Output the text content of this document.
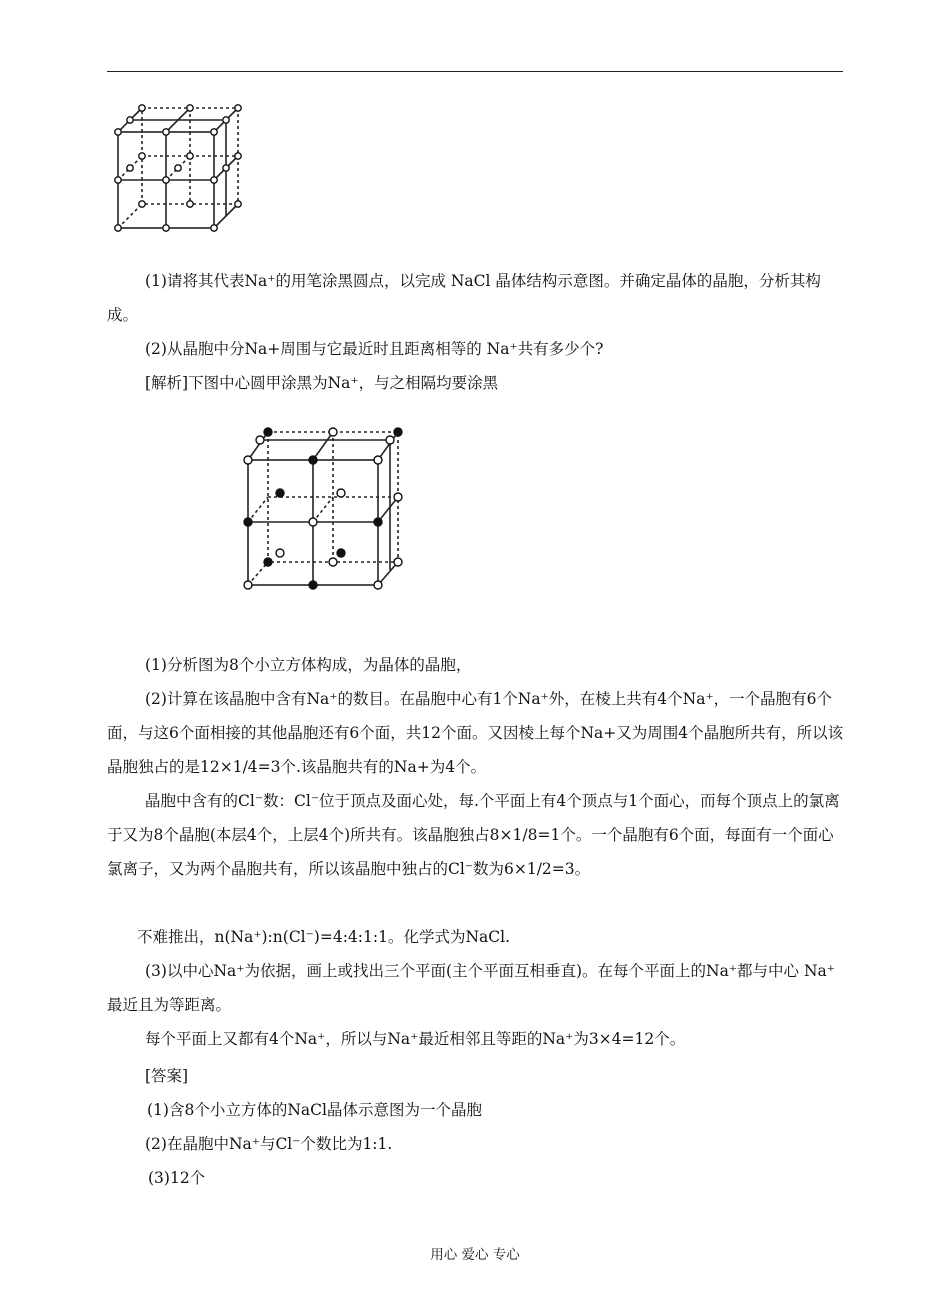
(1)请将其代表Na⁺的用笔涂黑圆点，以完成 NaCl 晶体结构示意图。并确定晶体的晶胞，分析其构成。
(2)从晶胞中分Na+周围与它最近时且距离相等的 Na⁺共有多少个?
[解析]下图中心圆甲涂黑为Na⁺，与之相隔均要涂黑
(1)分析图为8个小立方体构成，为晶体的晶胞，
(2)计算在该晶胞中含有Na⁺的数目。在晶胞中心有1个Na⁺外，在棱上共有4个Na⁺，一个晶胞有6个面，与这6个面相接的其他晶胞还有6个面，共12个面。又因棱上每个Na+又为周围4个晶胞所共有，所以该晶胞独占的是12×1/4=3个.该晶胞共有的Na+为4个。
晶胞中含有的Cl⁻数：Cl⁻位于顶点及面心处，每.个平面上有4个顶点与1个面心，而每个顶点上的氯离于又为8个晶胞(本层4个，上层4个)所共有。该晶胞独占8×1/8=1个。一个晶胞有6个面，每面有一个面心氯离子，又为两个晶胞共有，所以该晶胞中独占的Cl⁻数为6×1/2=3。
不难推出，n(Na⁺):n(Cl⁻)=4:4:1:1。化学式为NaCl.
(3)以中心Na⁺为依据，画上或找出三个平面(主个平面互相垂直)。在每个平面上的Na⁺都与中心 Na⁺最近且为等距离。
每个平面上又都有4个Na⁺，所以与Na⁺最近相邻且等距的Na⁺为3×4=12个。
[答案]
(1)含8个小立方体的NaCl晶体示意图为一个晶胞
(2)在晶胞中Na⁺与Cl⁻个数比为1:1.
(3)12个
用心 爱心 专心
